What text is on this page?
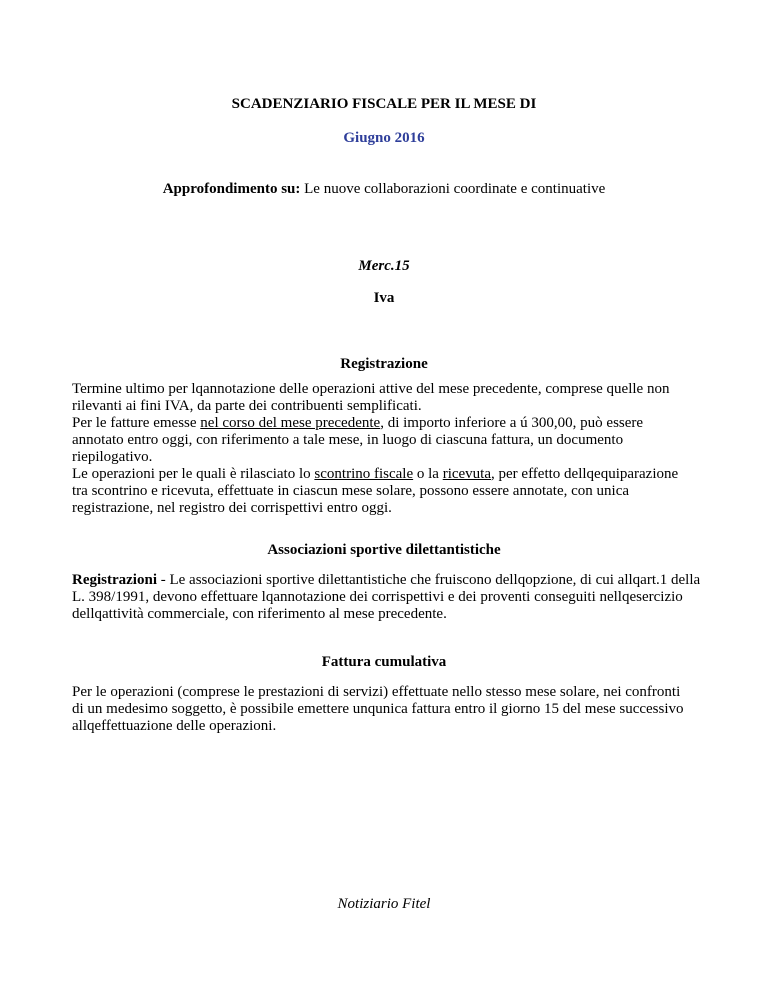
SCADENZIARIO FISCALE PER IL MESE DI
Giugno 2016
Approfondimento su: Le nuove collaborazioni coordinate e continuative
Merc.15
Iva
Registrazione
Termine ultimo per lqannotazione delle operazioni attive del mese precedente, comprese quelle non
rilevanti ai fini IVA, da parte dei contribuenti semplificati.
Per le fatture emesse nel corso del mese precedente, di importo inferiore a ú 300,00, può essere
annotato entro oggi, con riferimento a tale mese, in luogo di ciascuna fattura, un documento
riepilogativo.
Le operazioni per le quali è rilasciato lo scontrino fiscale o la ricevuta, per effetto dellqequiparazione
tra scontrino e ricevuta, effettuate in ciascun mese solare, possono essere annotate, con unica
registrazione, nel registro dei corrispettivi entro oggi.
Associazioni sportive dilettantistiche
Registrazioni - Le associazioni sportive dilettantistiche che fruiscono dellqopzione, di cui allqart.1 della
L. 398/1991, devono effettuare lqannotazione dei corrispettivi e dei proventi conseguiti nellqesercizio
dellqattività commerciale, con riferimento al mese precedente.
Fattura cumulativa
Per le operazioni (comprese le prestazioni di servizi) effettuate nello stesso mese solare, nei confronti
di un medesimo soggetto, è possibile emettere unqunica fattura entro il giorno 15 del mese successivo
allqeffettuazione delle operazioni.
Notiziario Fitel
